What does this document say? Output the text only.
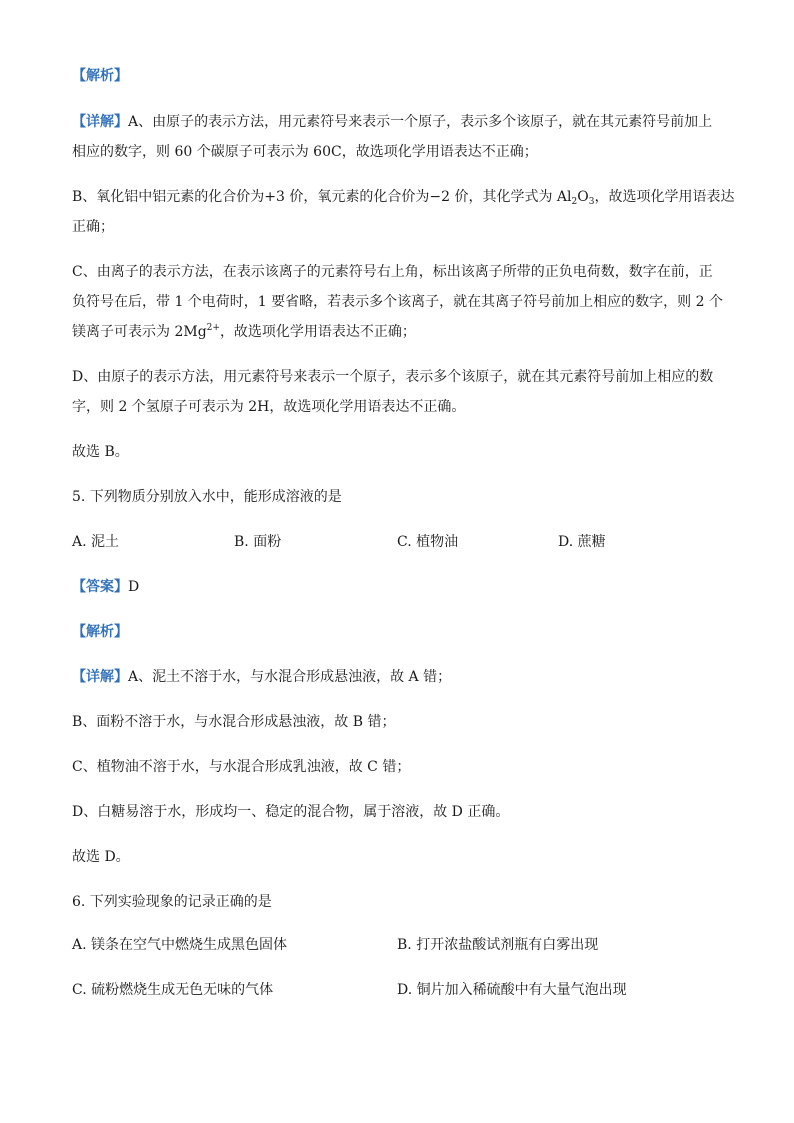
【解析】
【详解】A、由原子的表示方法，用元素符号来表示一个原子，表示多个该原子，就在其元素符号前加上
相应的数字，则 60 个碳原子可表示为 60C，故选项化学用语表达不正确；
B、氧化铝中铝元素的化合价为+3 价，氧元素的化合价为−2 价，其化学式为 $Al_2O_3$，故选项化学用语表达
正确；
C、由离子的表示方法，在表示该离子的元素符号右上角，标出该离子所带的正负电荷数，数字在前，正
负符号在后，带 1 个电荷时，1 要省略，若表示多个该离子，就在其离子符号前加上相应的数字，则 2 个
镁离子可表示为 $2Mg^{2+}$，故选项化学用语表达不正确；
D、由原子的表示方法，用元素符号来表示一个原子，表示多个该原子，就在其元素符号前加上相应的数
字，则 2 个氢原子可表示为 2H，故选项化学用语表达不正确。
故选 B。
5. 下列物质分别放入水中，能形成溶液的是
A. 泥土	B. 面粉	C. 植物油	D. 蔗糖
【答案】D
【解析】
【详解】A、泥土不溶于水，与水混合形成悬浊液，故 A 错；
B、面粉不溶于水，与水混合形成悬浊液，故 B 错；
C、植物油不溶于水，与水混合形成乳浊液，故 C 错；
D、白糖易溶于水，形成均一、稳定的混合物，属于溶液，故 D 正确。
故选 D。
6. 下列实验现象的记录正确的是
A. 镁条在空气中燃烧生成黑色固体	B. 打开浓盐酸试剂瓶有白雾出现
C. 硫粉燃烧生成无色无味的气体	D. 铜片加入稀硫酸中有大量气泡出现
